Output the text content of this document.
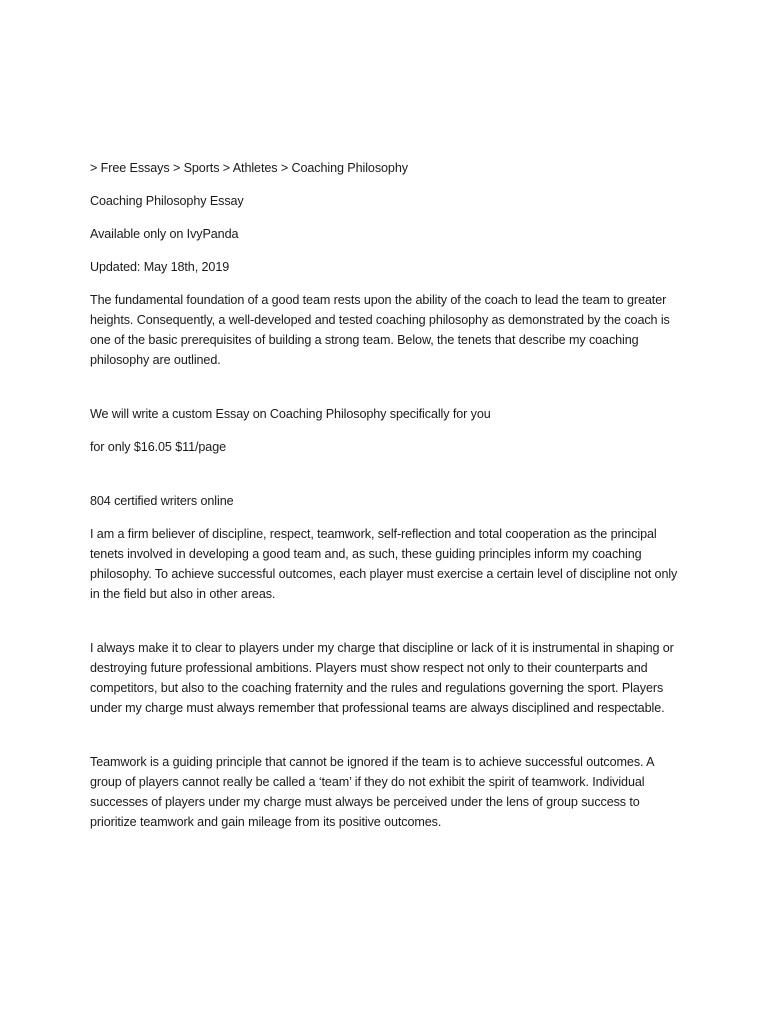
> Free Essays > Sports > Athletes > Coaching Philosophy

Coaching Philosophy Essay

Available only on IvyPanda

Updated: May 18th, 2019

The fundamental foundation of a good team rests upon the ability of the coach to lead the team to greater heights. Consequently, a well-developed and tested coaching philosophy as demonstrated by the coach is one of the basic prerequisites of building a strong team. Below, the tenets that describe my coaching philosophy are outlined.

We will write a custom Essay on Coaching Philosophy specifically for you

for only $16.05 $11/page

804 certified writers online

I am a firm believer of discipline, respect, teamwork, self-reflection and total cooperation as the principal tenets involved in developing a good team and, as such, these guiding principles inform my coaching philosophy. To achieve successful outcomes, each player must exercise a certain level of discipline not only in the field but also in other areas.

I always make it to clear to players under my charge that discipline or lack of it is instrumental in shaping or destroying future professional ambitions. Players must show respect not only to their counterparts and competitors, but also to the coaching fraternity and the rules and regulations governing the sport. Players under my charge must always remember that professional teams are always disciplined and respectable.

Teamwork is a guiding principle that cannot be ignored if the team is to achieve successful outcomes. A group of players cannot really be called a ‘team’ if they do not exhibit the spirit of teamwork. Individual successes of players under my charge must always be perceived under the lens of group success to prioritize teamwork and gain mileage from its positive outcomes.
